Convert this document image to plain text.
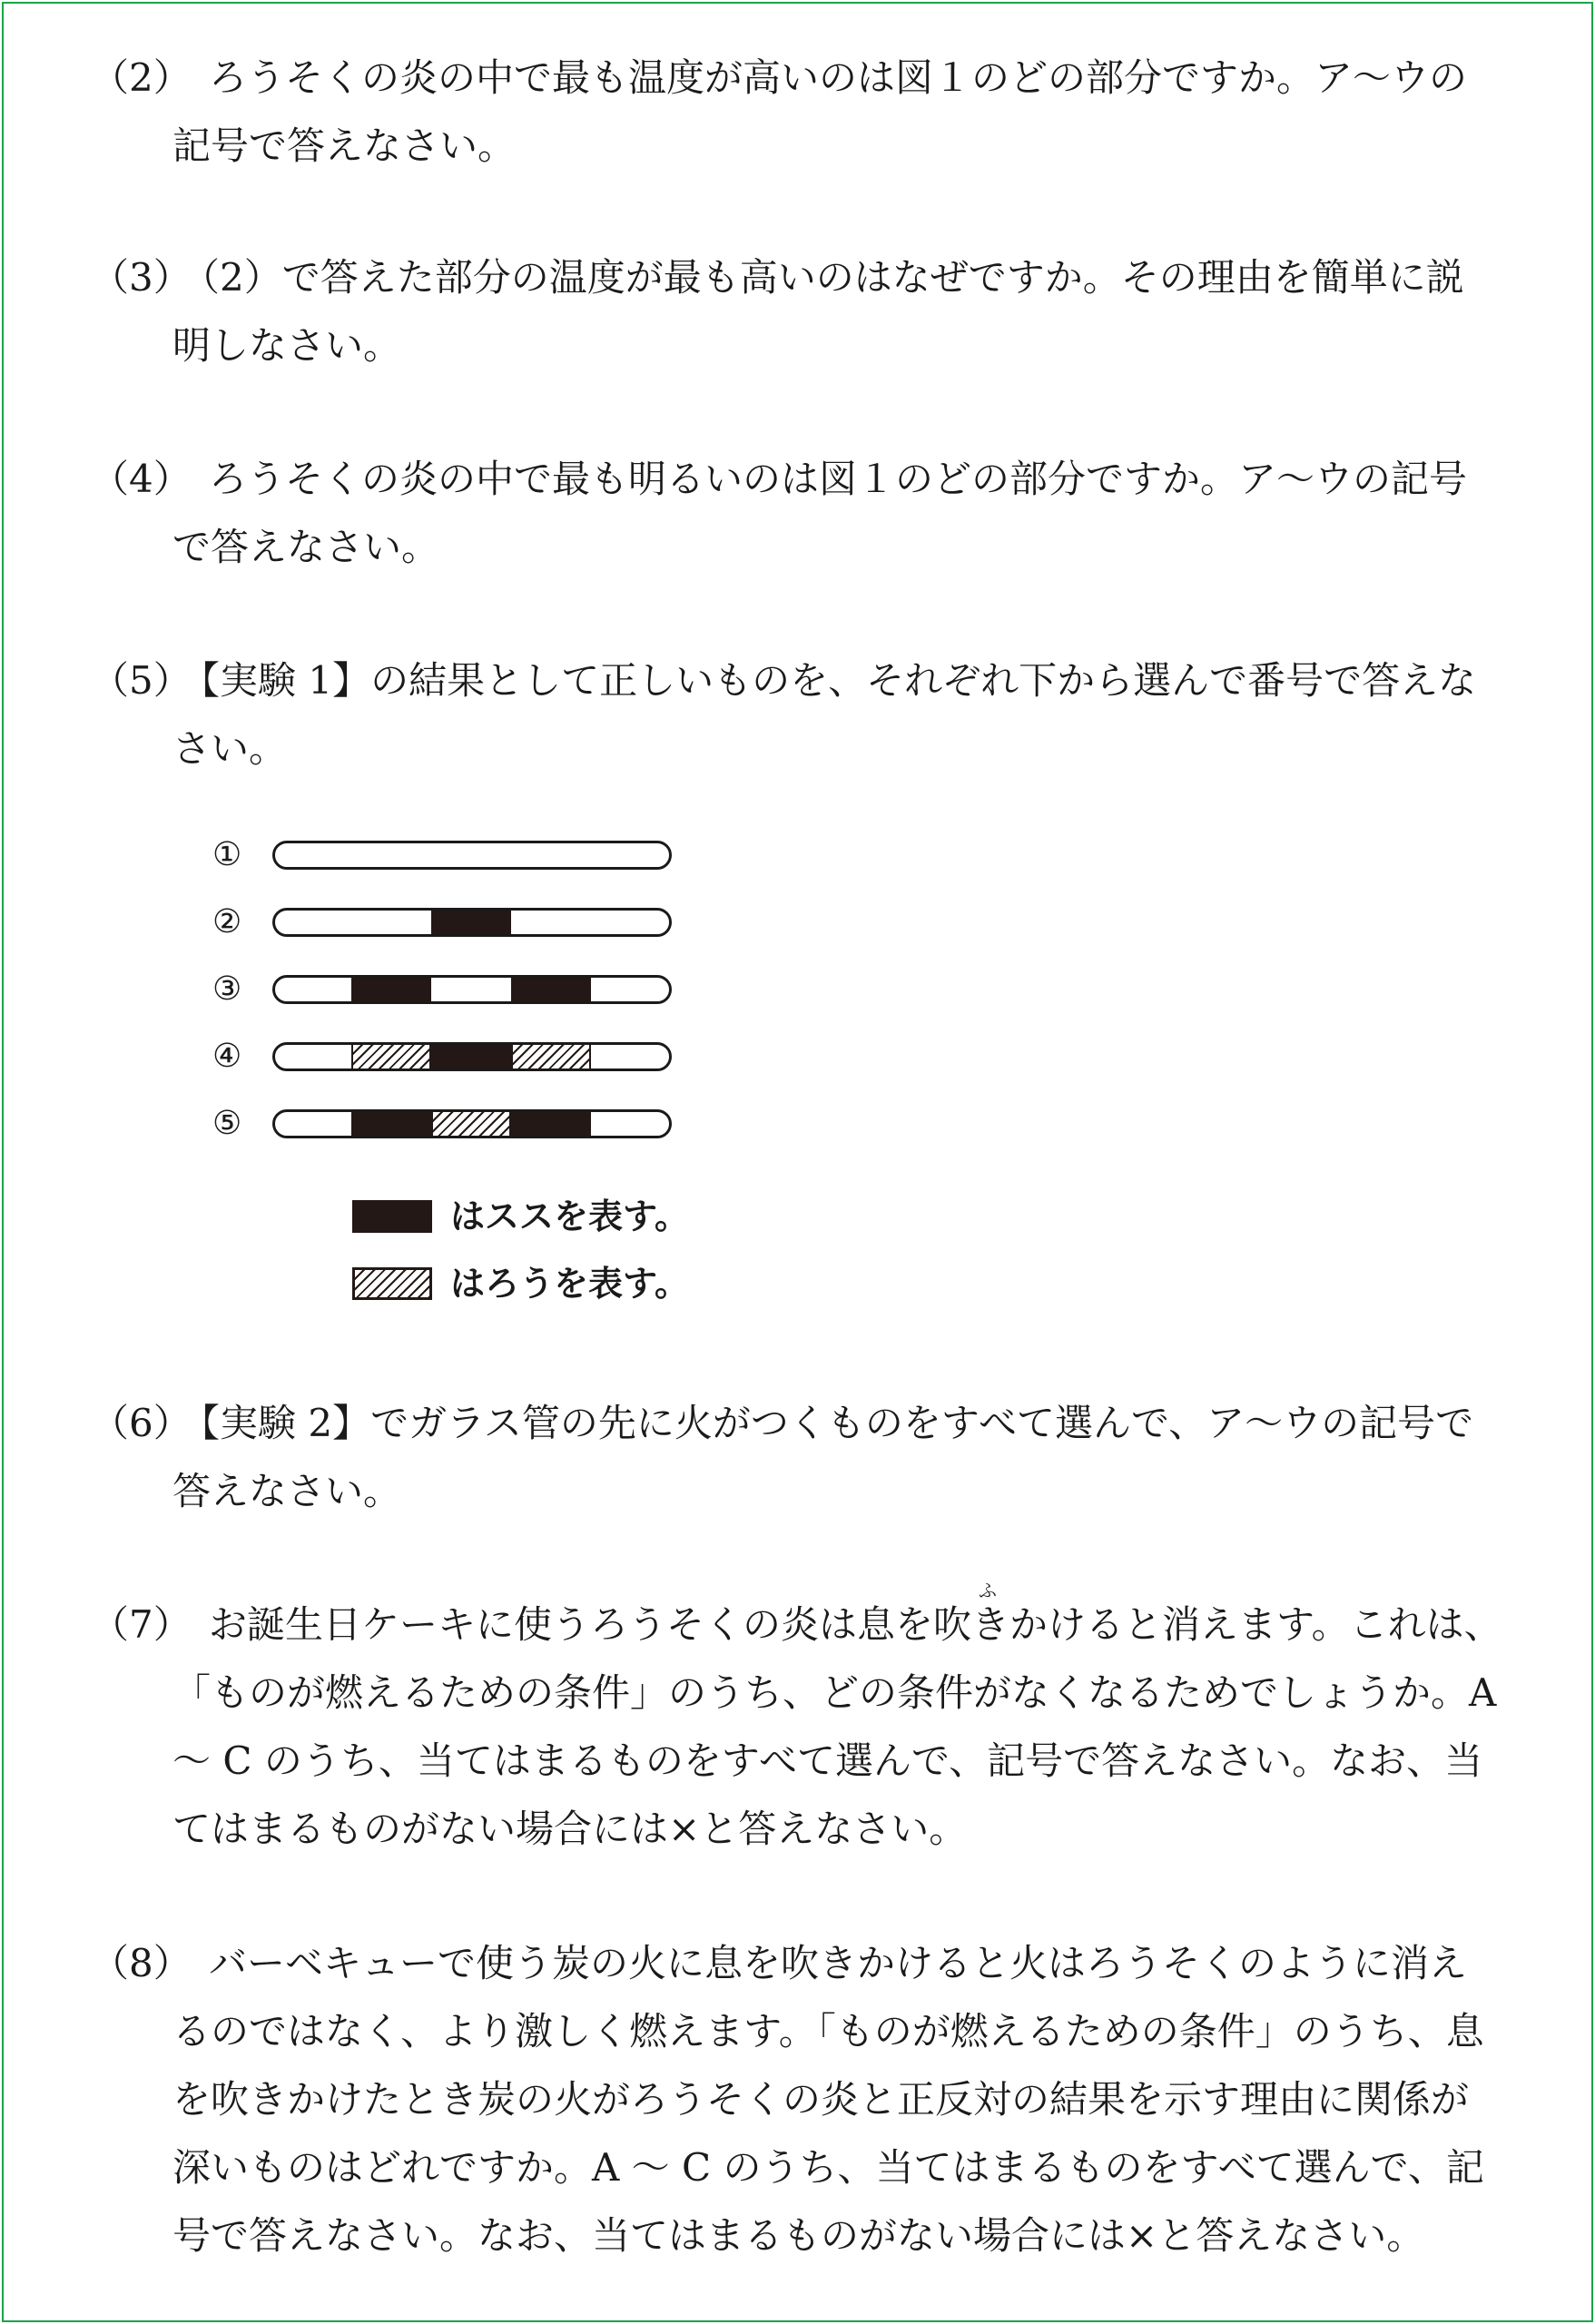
（2） ろうそくの炎の中で最も温度が高いのは図１のどの部分ですか。ア～ウの
記号で答えなさい。
（3）
（2）で答えた部分の温度が最も高いのはなぜですか。その理由を簡単に説
明しなさい。
（4） ろうそくの炎の中で最も明るいのは図１のどの部分ですか。ア～ウの記号
で答えなさい。
（5）
【実験 1】の結果として正しいものを、それぞれ下から選んで番号で答えな
さい。
①
②
③
④
⑤
はススを表す。
はろうを表す。
（6）
【実験 2】でガラス管の先に火がつくものをすべて選んで、ア～ウの記号で
答えなさい。
ふ
（7） お誕生日ケーキに使うろうそくの炎は息を吹きかけると消えます。これは、
「ものが燃えるための条件」のうち、どの条件がなくなるためでしょうか。A
～ C のうち、当てはまるものをすべて選んで、記号で答えなさい。なお、当
てはまるものがない場合には×と答えなさい。
（8） バーベキューで使う炭の火に息を吹きかけると火はろうそくのように消え
るのではなく、より激しく燃えます。「ものが燃えるための条件」のうち、息
を吹きかけたとき炭の火がろうそくの炎と正反対の結果を示す理由に関係が
深いものはどれですか。A ～ C のうち、当てはまるものをすべて選んで、記
号で答えなさい。なお、当てはまるものがない場合には×と答えなさい。
